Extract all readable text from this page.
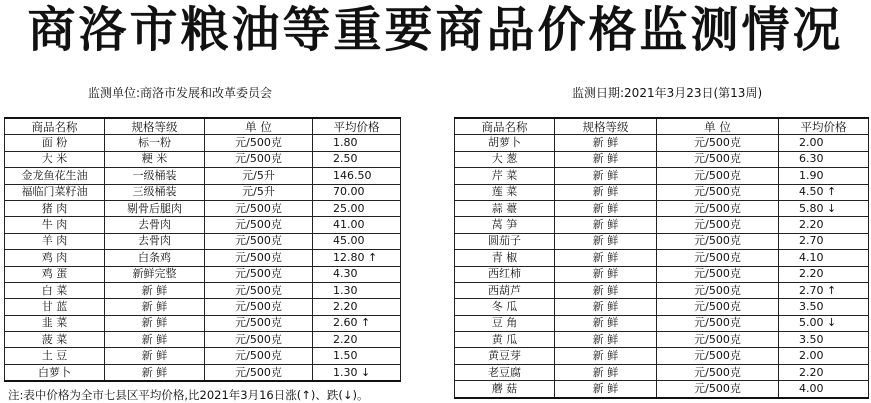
商洛市粮油等重要商品价格监测情况
监测单位:商洛市发展和改革委员会	监测日期:2021年3月23日(第13周)
商品名称	规格等级	单 位	平均价格
面 粉	标一粉	元/500克	1.80
大 米	粳 米	元/500克	2.50
金龙鱼花生油	一级桶装	元/5升	146.50
福临门菜籽油	三级桶装	元/5升	70.00
猪 肉	剔骨后腿肉	元/500克	25.00
牛 肉	去骨肉	元/500克	41.00
羊 肉	去骨肉	元/500克	45.00
鸡 肉	白条鸡	元/500克	12.80 ↑
鸡 蛋	新鲜完整	元/500克	4.30
白 菜	新 鲜	元/500克	1.30
甘 蓝	新 鲜	元/500克	2.20
韭 菜	新 鲜	元/500克	2.60 ↑
菠 菜	新 鲜	元/500克	2.20
土 豆	新 鲜	元/500克	1.50
白萝卜	新 鲜	元/500克	1.30 ↓
商品名称	规格等级	单 位	平均价格
胡萝卜	新 鲜	元/500克	2.00
大 葱	新 鲜	元/500克	6.30
芹 菜	新 鲜	元/500克	1.90
莲 菜	新 鲜	元/500克	4.50 ↑
蒜 薹	新 鲜	元/500克	5.80 ↓
莴 笋	新 鲜	元/500克	2.20
圆茄子	新 鲜	元/500克	2.70
青 椒	新 鲜	元/500克	4.10
西红柿	新 鲜	元/500克	2.20
西葫芦	新 鲜	元/500克	2.70 ↑
冬 瓜	新 鲜	元/500克	3.50
豆 角	新 鲜	元/500克	5.00 ↓
黄 瓜	新 鲜	元/500克	3.50
黄豆芽	新 鲜	元/500克	2.00
老豆腐	新 鲜	元/500克	2.20
蘑 菇	新 鲜	元/500克	4.00
注:表中价格为全市七县区平均价格,比2021年3月16日涨(↑)、跌(↓)。
